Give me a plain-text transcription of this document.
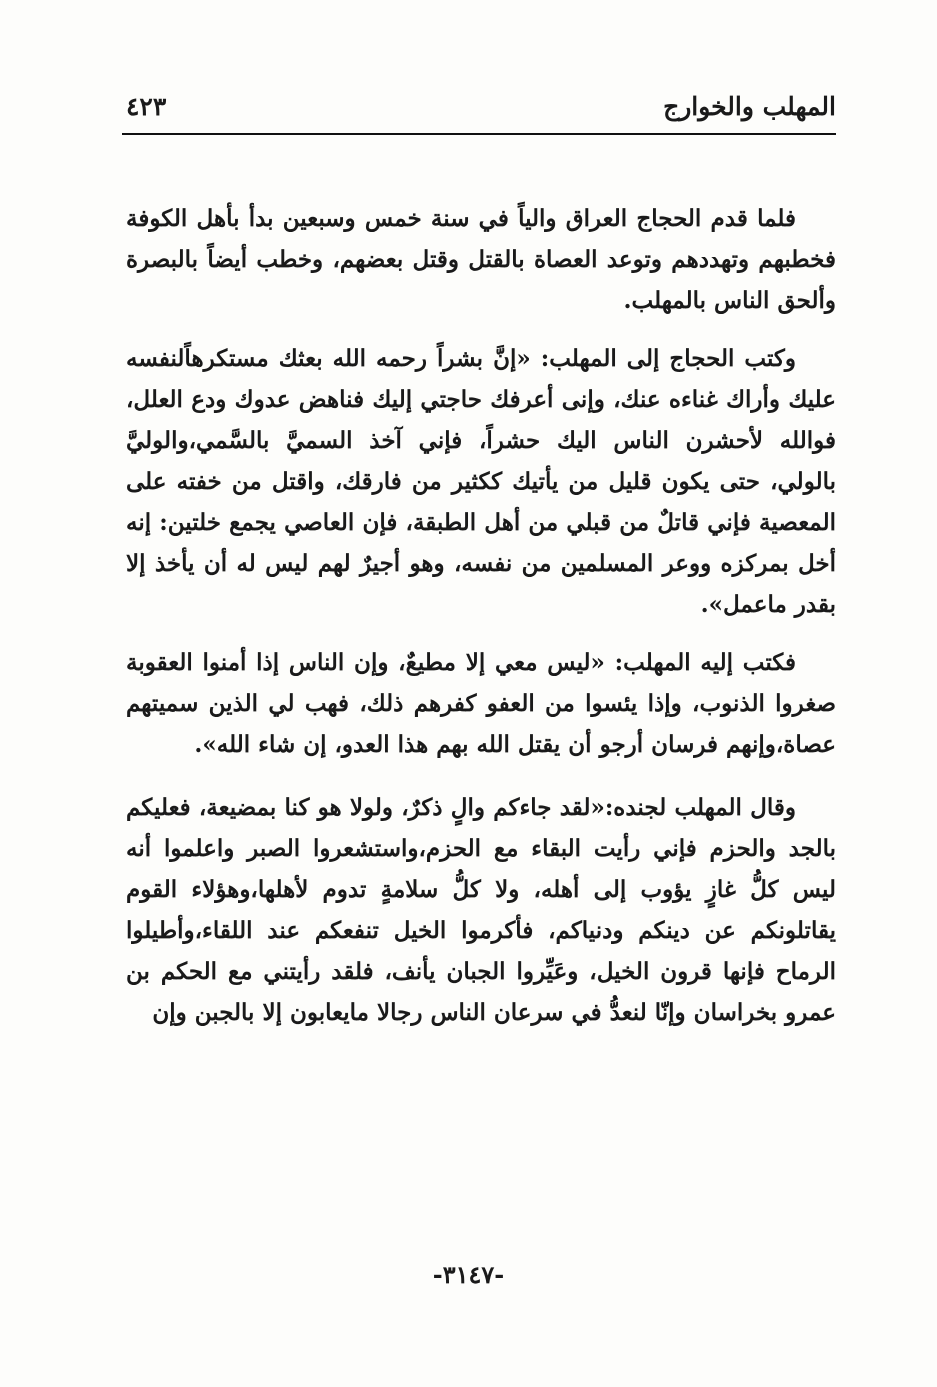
المهلب والخوارج
٤٢٣

فلما قدم الحجاج العراق والياً في سنة خمس وسبعين بدأ بأهل الكوفة فخطبهم وتهددهم وتوعد العصاة بالقتل وقتل بعضهم، وخطب أيضاً بالبصرة وألحق الناس بالمهلب.

وكتب الحجاج إلى المهلب: «إنَّ بشراً رحمه الله بعثك مستكرهاًلنفسه عليك وأراك غناءه عنك، وإنى أعرفك حاجتي إليك فناهض عدوك ودع العلل، فوالله لأحشرن الناس اليك حشراً، فإني آخذ السميَّ بالسَّمي،والوليَّ بالولي، حتى يكون قليل من يأتيك ككثير من فارقك، واقتل من خفته على المعصية فإني قاتلٌ من قبلي من أهل الطبقة، فإن العاصي يجمع خلتين: إنه أخل بمركزه ووعر المسلمين من نفسه، وهو أجيرٌ لهم ليس له أن يأخذ إلا بقدر ماعمل».

فكتب إليه المهلب: «ليس معي إلا مطيعٌ، وإن الناس إذا أمنوا العقوبة صغروا الذنوب، وإذا يئسوا من العفو كفرهم ذلك، فهب لي الذين سميتهم عصاة،وإنهم فرسان أرجو أن يقتل الله بهم هذا العدو، إن شاء الله».

وقال المهلب لجنده:«لقد جاءكم والٍ ذكرٌ، ولولا هو كنا بمضيعة، فعليكم بالجد والحزم فإني رأيت البقاء مع الحزم،واستشعروا الصبر واعلموا أنه ليس كلُّ غازٍ يؤوب إلى أهله، ولا كلُّ سلامةٍ تدوم لأهلها،وهؤلاء القوم يقاتلونكم عن دينكم ودنياكم، فأكرموا الخيل تنفعكم عند اللقاء،وأطيلوا الرماح فإنها قرون الخيل، وعَيِّروا الجبان يأنف، فلقد رأيتني مع الحكم بن عمرو بخراسان وإنّا لنعدُّ في سرعان الناس رجالا مايعابون إلا بالجبن وإن

-٣١٤٧-
